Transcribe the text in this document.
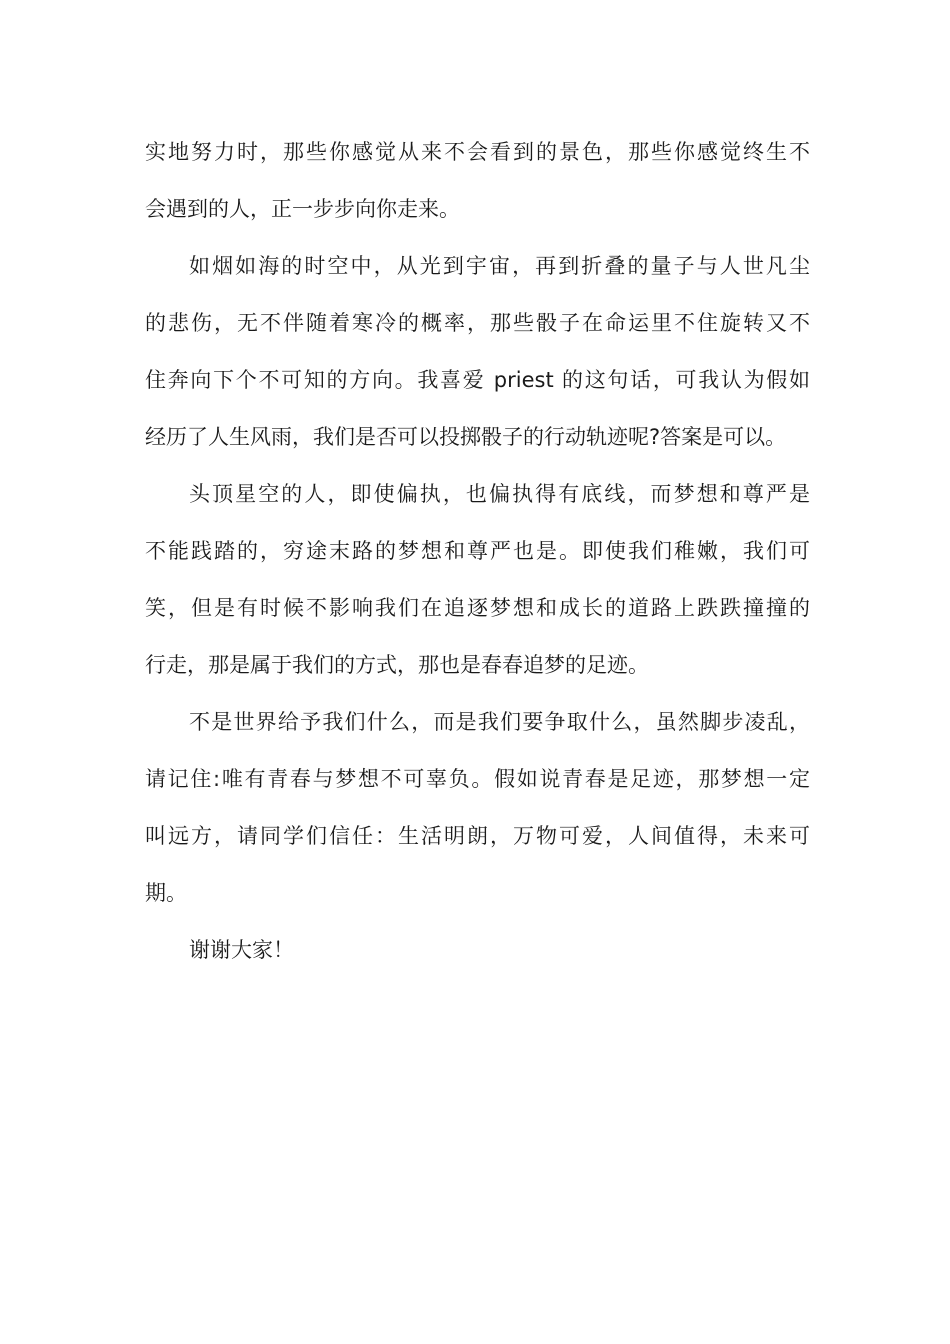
实地努力时，那些你感觉从来不会看到的景色，那些你感觉终生不

会遇到的人，正一步步向你走来。

如烟如海的时空中，从光到宇宙，再到折叠的量子与人世凡尘

的悲伤，无不伴随着寒冷的概率，那些骰子在命运里不住旋转又不

住奔向下个不可知的方向。我喜爱 priest 的这句话，可我认为假如

经历了人生风雨，我们是否可以投掷骰子的行动轨迹呢?答案是可以。

头顶星空的人，即使偏执，也偏执得有底线，而梦想和尊严是

不能践踏的，穷途末路的梦想和尊严也是。即使我们稚嫩，我们可

笑，但是有时候不影响我们在追逐梦想和成长的道路上跌跌撞撞的

行走，那是属于我们的方式，那也是春春追梦的足迹。

不是世界给予我们什么，而是我们要争取什么，虽然脚步凌乱，

请记住:唯有青春与梦想不可辜负。假如说青春是足迹，那梦想一定

叫远方，请同学们信任：生活明朗，万物可爱，人间值得，未来可

期。

谢谢大家！
